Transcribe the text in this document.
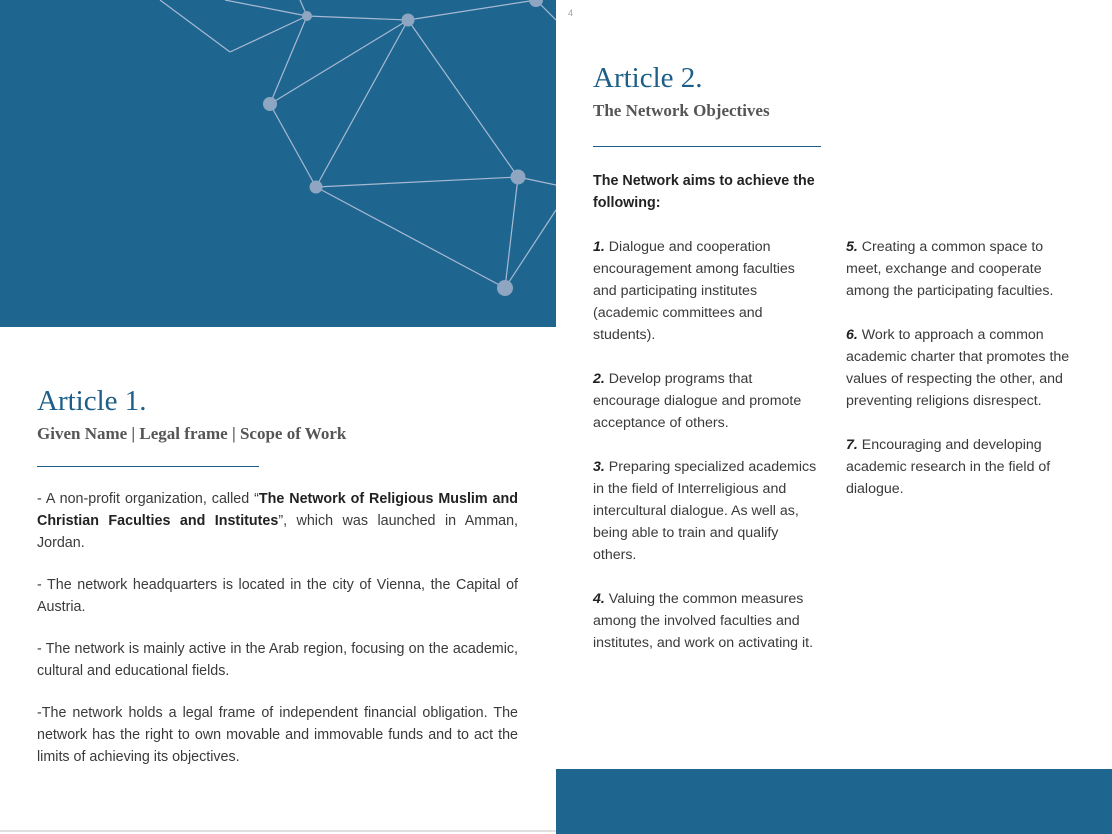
Article 1.
Given Name | Legal frame | Scope of Work

- A non-profit organization, called “The Network of Religious Muslim and Christian Faculties and Institutes”, which was launched in Amman, Jordan.

- The network headquarters is located in the city of Vienna, the Capital of Austria.

- The network is mainly active in the Arab region, focusing on the academic, cultural and educational fields.

-The network holds a legal frame of independent financial obligation. The network has the right to own movable and immovable funds and to act the limits of achieving its objectives.

4
Article 2.
The Network Objectives
The Network aims to achieve the following:
1. Dialogue and cooperation encouragement among faculties and participating institutes (academic committees and students).
2. Develop programs that encourage dialogue and promote acceptance of others.
3. Preparing specialized academics in the field of Interreligious and intercultural dialogue. As well as, being able to train and qualify others.
4. Valuing the common measures among the involved faculties and institutes, and work on activating it.
5. Creating a common space to meet, exchange and cooperate among the participating faculties.
6. Work to approach a common academic charter that promotes the values of respecting the other, and preventing religions disrespect.
7. Encouraging and developing academic research in the field of dialogue.
